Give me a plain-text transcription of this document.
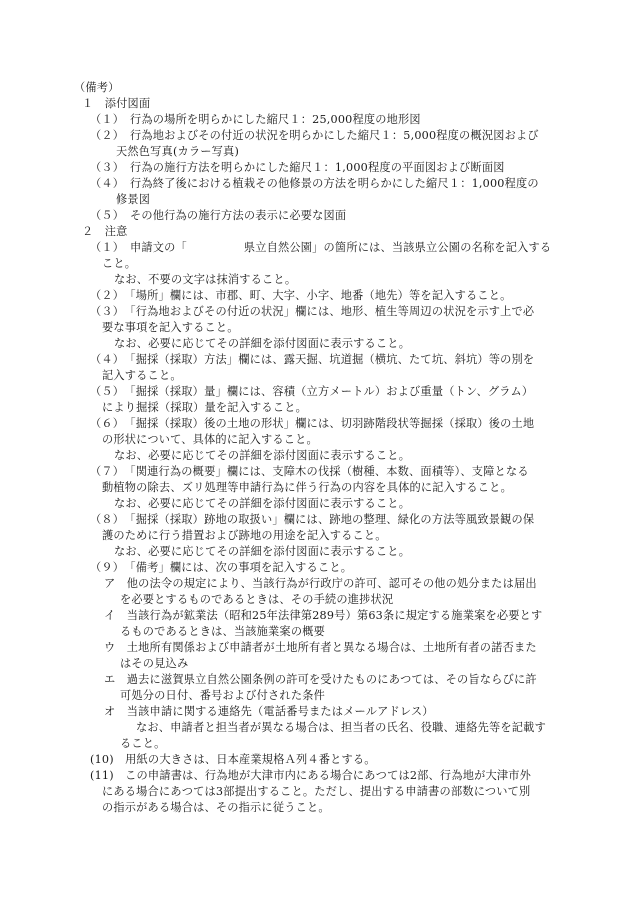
（備考）
１　添付図面
（１）　行為の場所を明らかにした縮尺１：25,000程度の地形図
（２）　行為地およびその付近の状況を明らかにした縮尺１：5,000程度の概況図および
天然色写真(カラー写真)
（３）　行為の施行方法を明らかにした縮尺１：1,000程度の平面図および断面図
（４）　行為終了後における植栽その他修景の方法を明らかにした縮尺１：1,000程度の
修景図
（５）　その他行為の施行方法の表示に必要な図面
２　注意
（１）　申請文の「　　　　　県立自然公園」の箇所には、当該県立公園の名称を記入する
こと。
なお、不要の文字は抹消すること。
（２）　「場所」欄には、市郡、町、大字、小字、地番（地先）等を記入すること。
（３）　「行為地およびその付近の状況」欄には、地形、植生等周辺の状況を示す上で必
要な事項を記入すること。
なお、必要に応じてその詳細を添付図面に表示すること。
（４）　「掘採（採取）方法」欄には、露天掘、坑道掘（横坑、たて坑、斜坑）等の別を
記入すること。
（５）　「掘採（採取）量」欄には、容積（立方メートル）および重量（トン、グラム）
により掘採（採取）量を記入すること。
（６）　「掘採（採取）後の土地の形状」欄には、切羽跡階段状等掘採（採取）後の土地
の形状について、具体的に記入すること。
なお、必要に応じてその詳細を添付図面に表示すること。
（７）　「関連行為の概要」欄には、支障木の伐採（樹種、本数、面積等）、支障となる
動植物の除去、ズリ処理等申請行為に伴う行為の内容を具体的に記入すること。
なお、必要に応じてその詳細を添付図面に表示すること。
（８）　「掘採（採取）跡地の取扱い」欄には、跡地の整理、緑化の方法等風致景観の保
護のために行う措置および跡地の用途を記入すること。
なお、必要に応じてその詳細を添付図面に表示すること。
（９）　「備考」欄には、次の事項を記入すること。
ア　他の法令の規定により、当該行為が行政庁の許可、認可その他の処分または届出
を必要とするものであるときは、その手続の進捗状況
イ　当該行為が鉱業法（昭和25年法律第289号）第63条に規定する施業案を必要とす
るものであるときは、当該施業案の概要
ウ　土地所有関係および申請者が土地所有者と異なる場合は、土地所有者の諾否また
はその見込み
エ　過去に滋賀県立自然公園条例の許可を受けたものにあつては、その旨ならびに許
可処分の日付、番号および付された条件
オ　当該申請に関する連絡先（電話番号またはメールアドレス）
なお、申請者と担当者が異なる場合は、担当者の氏名、役職、連絡先等を記載す
ること。
(10)　用紙の大きさは、日本産業規格Ａ列４番とする。
(11)　この申請書は、行為地が大津市内にある場合にあつては2部、行為地が大津市外
にある場合にあつては3部提出すること。ただし、提出する申請書の部数について別
の指示がある場合は、その指示に従うこと。
